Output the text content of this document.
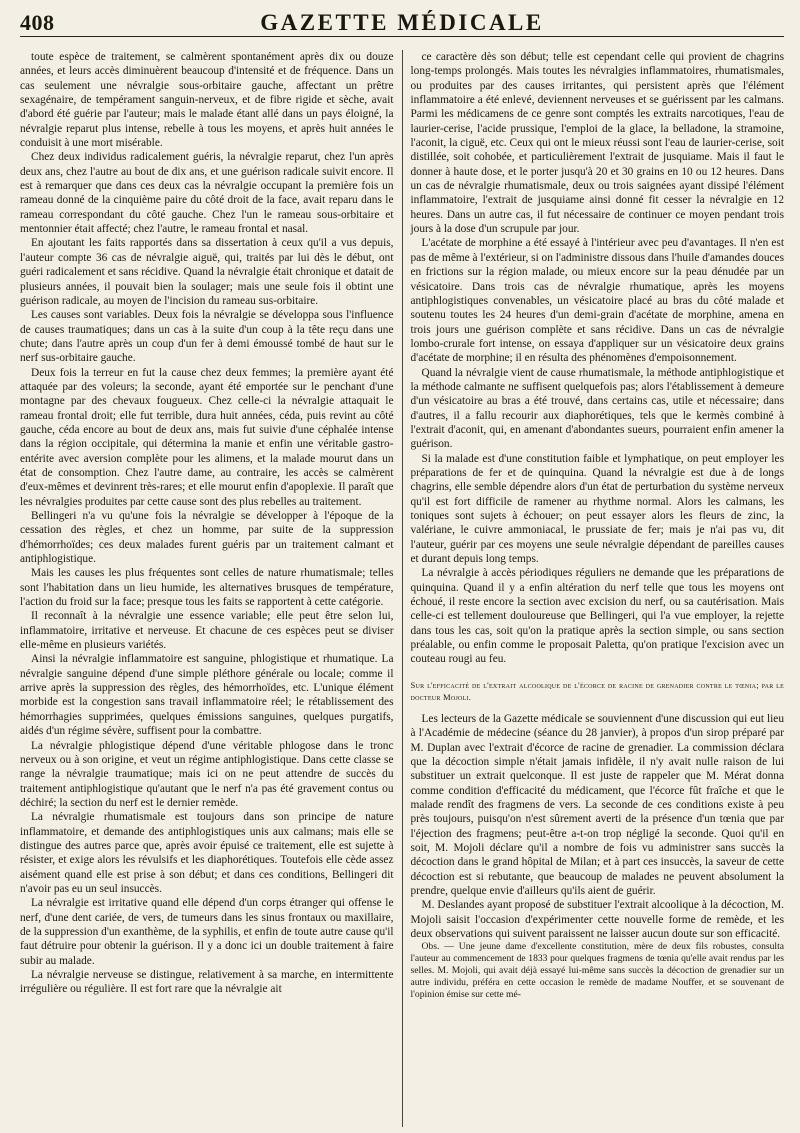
408	GAZETTE MÉDICALE

toute espèce de traitement, se calmèrent spontanément après dix ou douze années, et leurs accès diminuèrent beaucoup d'intensité et de fréquence. Dans un cas seulement une névralgie sous-orbitaire gauche, affectant un prêtre sexagénaire, de tempérament sanguin-nerveux, et de fibre rigide et sèche, avait d'abord été guérie par l'auteur; mais le malade étant allé dans un pays éloigné, la névralgie reparut plus intense, rebelle à tous les moyens, et après huit années le conduisit à une mort misérable.

Chez deux individus radicalement guéris, la névralgie reparut, chez l'un après deux ans, chez l'autre au bout de dix ans, et une guérison radicale suivit encore. Il est à remarquer que dans ces deux cas la névralgie occupant la première fois un rameau donné de la cinquième paire du côté droit de la face, avait reparu dans le rameau correspondant du côté gauche. Chez l'un le rameau sous-orbitaire et mentonnier était affecté; chez l'autre, le rameau frontal et nasal.

En ajoutant les faits rapportés dans sa dissertation à ceux qu'il a vus depuis, l'auteur compte 36 cas de névralgie aiguë, qui, traités par lui dès le début, ont guéri radicalement et sans récidive. Quand la névralgie était chronique et datait de plusieurs années, il pouvait bien la soulager; mais une seule fois il obtint une guérison radicale, au moyen de l'incision du rameau sus-orbitaire.

Les causes sont variables. Deux fois la névralgie se développa sous l'influence de causes traumatiques; dans un cas à la suite d'un coup à la tête reçu dans une chute; dans l'autre après un coup d'un fer à demi émoussé tombé de haut sur le nerf sus-orbitaire gauche.

Deux fois la terreur en fut la cause chez deux femmes; la première ayant été attaquée par des voleurs; la seconde, ayant été emportée sur le penchant d'une montagne par des chevaux fougueux. Chez celle-ci la névralgie attaquait le rameau frontal droit; elle fut terrible, dura huit années, céda, puis revint au côté gauche, céda encore au bout de deux ans, mais fut suivie d'une céphalée intense dans la région occipitale, qui détermina la manie et enfin une véritable gastro-entérite avec aversion complète pour les alimens, et la malade mourut dans un état de consomption. Chez l'autre dame, au contraire, les accès se calmèrent d'eux-mêmes et devinrent très-rares; et elle mourut enfin d'apoplexie. Il paraît que les névralgies produites par cette cause sont des plus rebelles au traitement.

Bellingeri n'a vu qu'une fois la névralgie se développer à l'époque de la cessation des règles, et chez un homme, par suite de la suppression d'hémorrhoïdes; ces deux malades furent guéris par un traitement calmant et antiphlogistique.

Mais les causes les plus fréquentes sont celles de nature rhumatismale; telles sont l'habitation dans un lieu humide, les alternatives brusques de température, l'action du froid sur la face; presque tous les faits se rapportent à cette catégorie.

Il reconnaît à la névralgie une essence variable; elle peut être selon lui, inflammatoire, irritative et nerveuse. Et chacune de ces espèces peut se diviser elle-même en plusieurs variétés.

Ainsi la névralgie inflammatoire est sanguine, phlogistique et rhumatique. La névralgie sanguine dépend d'une simple pléthore générale ou locale; comme il arrive après la suppression des règles, des hémorrhoïdes, etc. L'unique élément morbide est la congestion sans travail inflammatoire réel; le rétablissement des hémorrhagies supprimées, quelques émissions sanguines, quelques purgatifs, aidés d'un régime sévère, suffisent pour la combattre.

La névralgie phlogistique dépend d'une véritable phlogose dans le tronc nerveux ou à son origine, et veut un régime antiphlogistique. Dans cette classe se range la névralgie traumatique; mais ici on ne peut attendre de succès du traitement antiphlogistique qu'autant que le nerf n'a pas été gravement contus ou déchiré; la section du nerf est le dernier remède.

La névralgie rhumatismale est toujours dans son principe de nature inflammatoire, et demande des antiphlogistiques unis aux calmans; mais elle se distingue des autres parce que, après avoir épuisé ce traitement, elle est sujette à résister, et exige alors les révulsifs et les diaphorétiques. Toutefois elle cède assez aisément quand elle est prise à son début; et dans ces conditions, Bellingeri dit n'avoir pas eu un seul insuccès.

La névralgie est irritative quand elle dépend d'un corps étranger qui offense le nerf, d'une dent cariée, de vers, de tumeurs dans les sinus frontaux ou maxillaire, de la suppression d'un exanthème, de la syphilis, et enfin de toute autre cause qu'il faut détruire pour obtenir la guérison. Il y a donc ici un double traitement à faire subir au malade.

La névralgie nerveuse se distingue, relativement à sa marche, en intermittente irrégulière ou régulière. Il est fort rare que la névralgie ait

ce caractère dès son début; telle est cependant celle qui provient de chagrins long-temps prolongés. Mais toutes les névralgies inflammatoires, rhumatismales, ou produites par des causes irritantes, qui persistent après que l'élément inflammatoire a été enlevé, deviennent nerveuses et se guérissent par les calmans. Parmi les médicamens de ce genre sont comptés les extraits narcotiques, l'eau de laurier-cerise, l'acide prussique, l'emploi de la glace, la belladone, la stramoine, l'aconit, la ciguë, etc. Ceux qui ont le mieux réussi sont l'eau de laurier-cerise, soit distillée, soit cohobée, et particulièrement l'extrait de jusquiame. Mais il faut le donner à haute dose, et le porter jusqu'à 20 et 30 grains en 10 ou 12 heures. Dans un cas de névralgie rhumatismale, deux ou trois saignées ayant dissipé l'élément inflammatoire, l'extrait de jusquiame ainsi donné fit cesser la névralgie en 12 heures. Dans un autre cas, il fut nécessaire de continuer ce moyen pendant trois jours à la dose d'un scrupule par jour.

L'acétate de morphine a été essayé à l'intérieur avec peu d'avantages. Il n'en est pas de même à l'extérieur, si on l'administre dissous dans l'huile d'amandes douces en frictions sur la région malade, ou mieux encore sur la peau dénudée par un vésicatoire. Dans trois cas de névralgie rhumatique, après les moyens antiphlogistiques convenables, un vésicatoire placé au bras du côté malade et soutenu toutes les 24 heures d'un demi-grain d'acétate de morphine, amena en trois jours une guérison complète et sans récidive. Dans un cas de névralgie lombo-crurale fort intense, on essaya d'appliquer sur un vésicatoire deux grains d'acétate de morphine; il en résulta des phénomènes d'empoisonnement.

Quand la névralgie vient de cause rhumatismale, la méthode antiphlogistique et la méthode calmante ne suffisent quelquefois pas; alors l'établissement à demeure d'un vésicatoire au bras a été trouvé, dans certains cas, utile et nécessaire; dans d'autres, il a fallu recourir aux diaphorétiques, tels que le kermès combiné à l'extrait d'aconit, qui, en amenant d'abondantes sueurs, pourraient enfin amener la guérison.

Si la malade est d'une constitution faible et lymphatique, on peut employer les préparations de fer et de quinquina. Quand la névralgie est due à de longs chagrins, elle semble dépendre alors d'un état de perturbation du système nerveux qu'il est fort difficile de ramener au rhythme normal. Alors les calmans, les toniques sont sujets à échouer; on peut essayer alors les fleurs de zinc, la valériane, le cuivre ammoniacal, le prussiate de fer; mais je n'ai pas vu, dit l'auteur, guérir par ces moyens une seule névralgie dépendant de pareilles causes et durant depuis long temps.

La névralgie à accès périodiques réguliers ne demande que les préparations de quinquina. Quand il y a enfin altération du nerf telle que tous les moyens ont échoué, il reste encore la section avec excision du nerf, ou sa cautérisation. Mais celle-ci est tellement douloureuse que Bellingeri, qui l'a vue employer, la rejette dans tous les cas, soit qu'on la pratique après la section simple, ou sans section préalable, ou enfin comme le proposait Paletta, qu'on pratique l'excision avec un couteau rougi au feu.

Sur l'efficacité de l'extrait alcoolique de l'écorce de racine de grenadier contre le tœnia; par le docteur Mojoli.

Les lecteurs de la Gazette médicale se souviennent d'une discussion qui eut lieu à l'Académie de médecine (séance du 28 janvier), à propos d'un sirop préparé par M. Duplan avec l'extrait d'écorce de racine de grenadier. La commission déclara que la décoction simple n'était jamais infidèle, il n'y avait nulle raison de lui substituer un extrait quelconque. Il est juste de rappeler que M. Mérat donna comme condition d'efficacité du médicament, que l'écorce fût fraîche et que le malade rendît des fragmens de vers. La seconde de ces conditions existe à peu près toujours, puisqu'on n'est sûrement averti de la présence d'un tœnia que par l'éjection des fragmens; peut-être a-t-on trop négligé la seconde. Quoi qu'il en soit, M. Mojoli déclare qu'il a nombre de fois vu administrer sans succès la décoction dans le grand hôpital de Milan; et à part ces insuccès, la saveur de cette décoction est si rebutante, que beaucoup de malades ne peuvent absolument la prendre, quelque envie d'ailleurs qu'ils aient de guérir.

M. Deslandes ayant proposé de substituer l'extrait alcoolique à la décoction, M. Mojoli saisit l'occasion d'expérimenter cette nouvelle forme de remède, et les deux observations qui suivent paraissent ne laisser aucun doute sur son efficacité.

Obs. — Une jeune dame d'excellente constitution, mère de deux fils robustes, consulta l'auteur au commencement de 1833 pour quelques fragmens de tœnia qu'elle avait rendus par les selles. M. Mojoli, qui avait déjà essayé lui-même sans succès la décoction de grenadier sur un autre individu, préféra en cette occasion le remède de madame Nouffer, et se souvenant de l'opinion émise sur cette mé-
